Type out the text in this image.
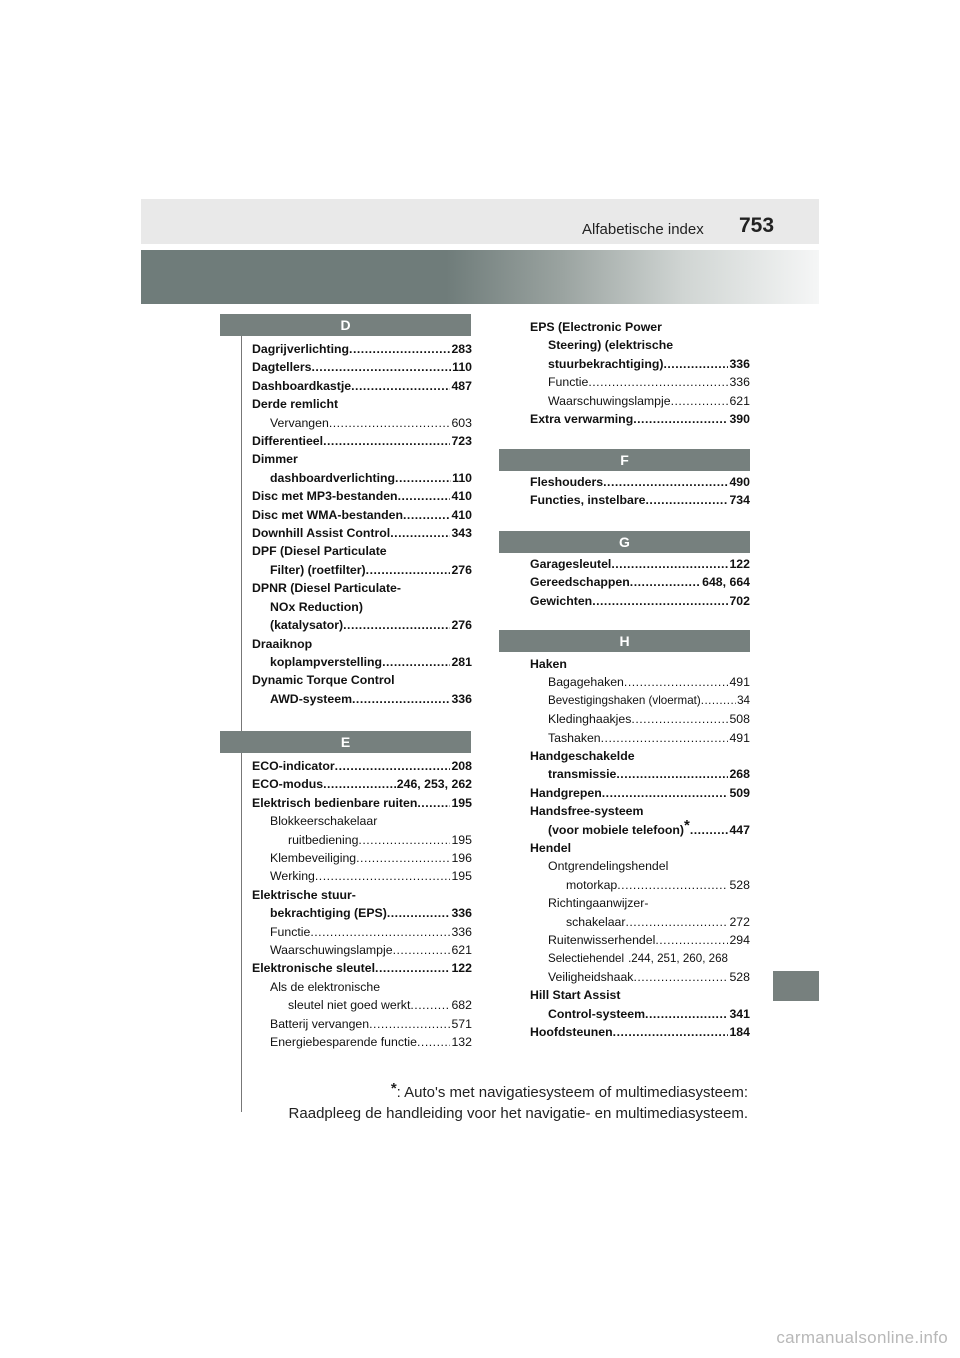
Alfabetische index 753
D
Dagrijverlichting .....	283
Dagtellers .....	110
Dashboardkastje .....	487
Derde remlicht
Vervangen .....	603
Differentieel .....	723
Dimmer
dashboardverlichting .....	110
Disc met MP3-bestanden .....	410
Disc met WMA-bestanden .....	410
Downhill Assist Control .....	343
DPF (Diesel Particulate
Filter) (roetfilter) .....	276
DPNR (Diesel Particulate-
NOx Reduction)
(katalysator) .....	276
Draaiknop
koplampverstelling .....	281
Dynamic Torque Control
AWD-systeem .....	336
E
ECO-indicator .....	208
ECO-modus .....	246, 253, 262
Elektrisch bedienbare ruiten .....	195
Blokkeerschakelaar
ruitbediening .....	195
Klembeveiliging .....	196
Werking .....	195
Elektrische stuur-
bekrachtiging (EPS) .....	336
Functie .....	336
Waarschuwingslampje .....	621
Elektronische sleutel .....	122
Als de elektronische
sleutel niet goed werkt .....	682
Batterij vervangen .....	571
Energiebesparende functie .....	132
EPS (Electronic Power
Steering) (elektrische
stuurbekrachtiging) .....	336
Functie .....	336
Waarschuwingslampje .....	621
Extra verwarming .....	390
F
Fleshouders .....	490
Functies, instelbare .....	734
G
Garagesleutel .....	122
Gereedschappen .....	648, 664
Gewichten .....	702
H
Haken
Bagagehaken .....	491
Bevestigingshaken (vloermat) .....	34
Kledinghaakjes .....	508
Tashaken .....	491
Handgeschakelde
transmissie .....	268
Handgrepen .....	509
Handsfree-systeem
(voor mobiele telefoon)* .....	447
Hendel
Ontgrendelingshendel
motorkap .....	528
Richtingaanwijzer-
schakelaar .....	272
Ruitenwisserhendel .....	294
Selectiehendel .244, 251, 260, 268
Veiligheidshaak .....	528
Hill Start Assist
Control-systeem .....	341
Hoofdsteunen .....	184
*: Auto's met navigatiesysteem of multimediasysteem:
Raadpleeg de handleiding voor het navigatie- en multimediasysteem.
carmanualsonline.info
